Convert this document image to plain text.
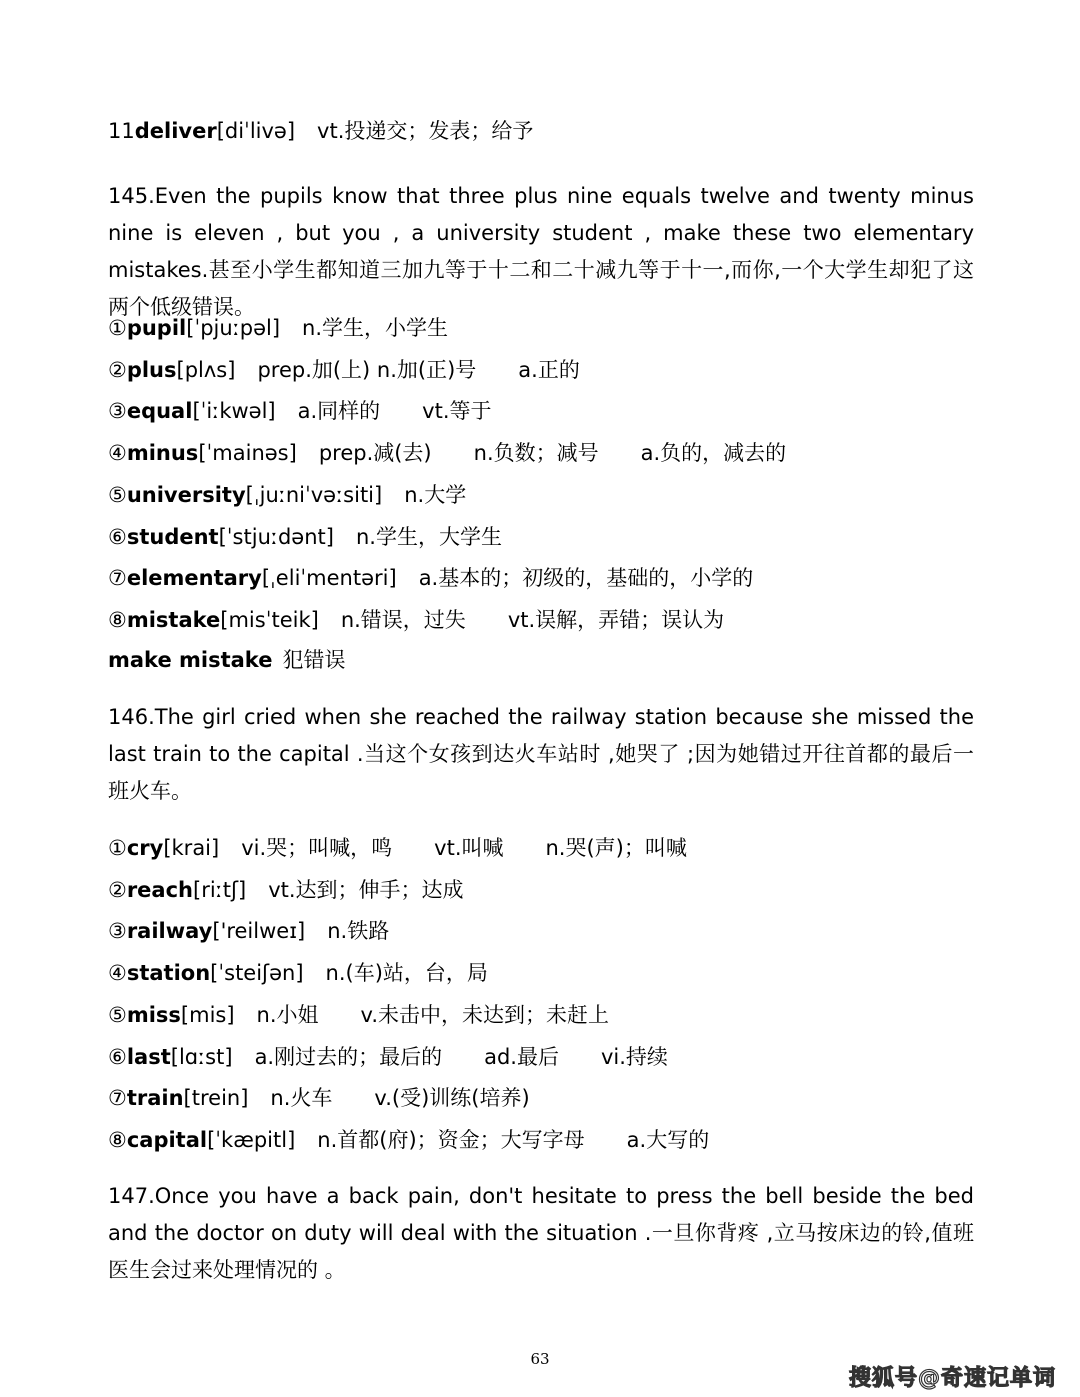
11deliver[diˈlivə] vt.投递交；发表；给予
145.Even the pupils know that three plus nine equals twelve and twenty minus nine is eleven , but you , a university student , make these two elementary mistakes.甚至小学生都知道三加九等于十二和二十减九等于十一,而你,一个大学生却犯了这两个低级错误。
①pupil[ˈpjuːpəl] n.学生，小学生
②plus[plʌs] prep.加(上) n.加(正)号 a.正的
③equal[ˈiːkwəl] a.同样的 vt.等于
④minus[ˈmainəs] prep.减(去) n.负数；减号 a.负的，减去的
⑤university[ˌjuːniˈvəːsiti] n.大学
⑥student[ˈstjuːdənt] n.学生，大学生
⑦elementary[ˌeliˈmentəri] a.基本的；初级的，基础的，小学的
⑧mistake[misˈteik] n.错误，过失 vt.误解，弄错；误认为
make mistake 犯错误
146.The girl cried when she reached the railway station because she missed the last train to the capital .当这个女孩到达火车站时 ,她哭了 ;因为她错过开往首都的最后一班火车。
①cry[krai] vi.哭；叫喊，鸣 vt.叫喊 n.哭(声)；叫喊
②reach[riːtʃ] vt.达到；伸手；达成
③railway['reilweɪ] n.铁路
④station[ˈsteiʃən] n.(车)站，台，局
⑤miss[mis] n.小姐 v.未击中，未达到；未赶上
⑥last[lɑːst] a.刚过去的；最后的 ad.最后 vi.持续
⑦train[trein] n.火车 v.(受)训练(培养)
⑧capital[ˈkæpitl] n.首都(府)；资金；大写字母 a.大写的
147.Once you have a back pain, don't hesitate to press the bell beside the bed and the doctor on duty will deal with the situation .一旦你背疼 ,立马按床边的铃,值班医生会过来处理情况的 。
63
搜狐号@奇速记单词
